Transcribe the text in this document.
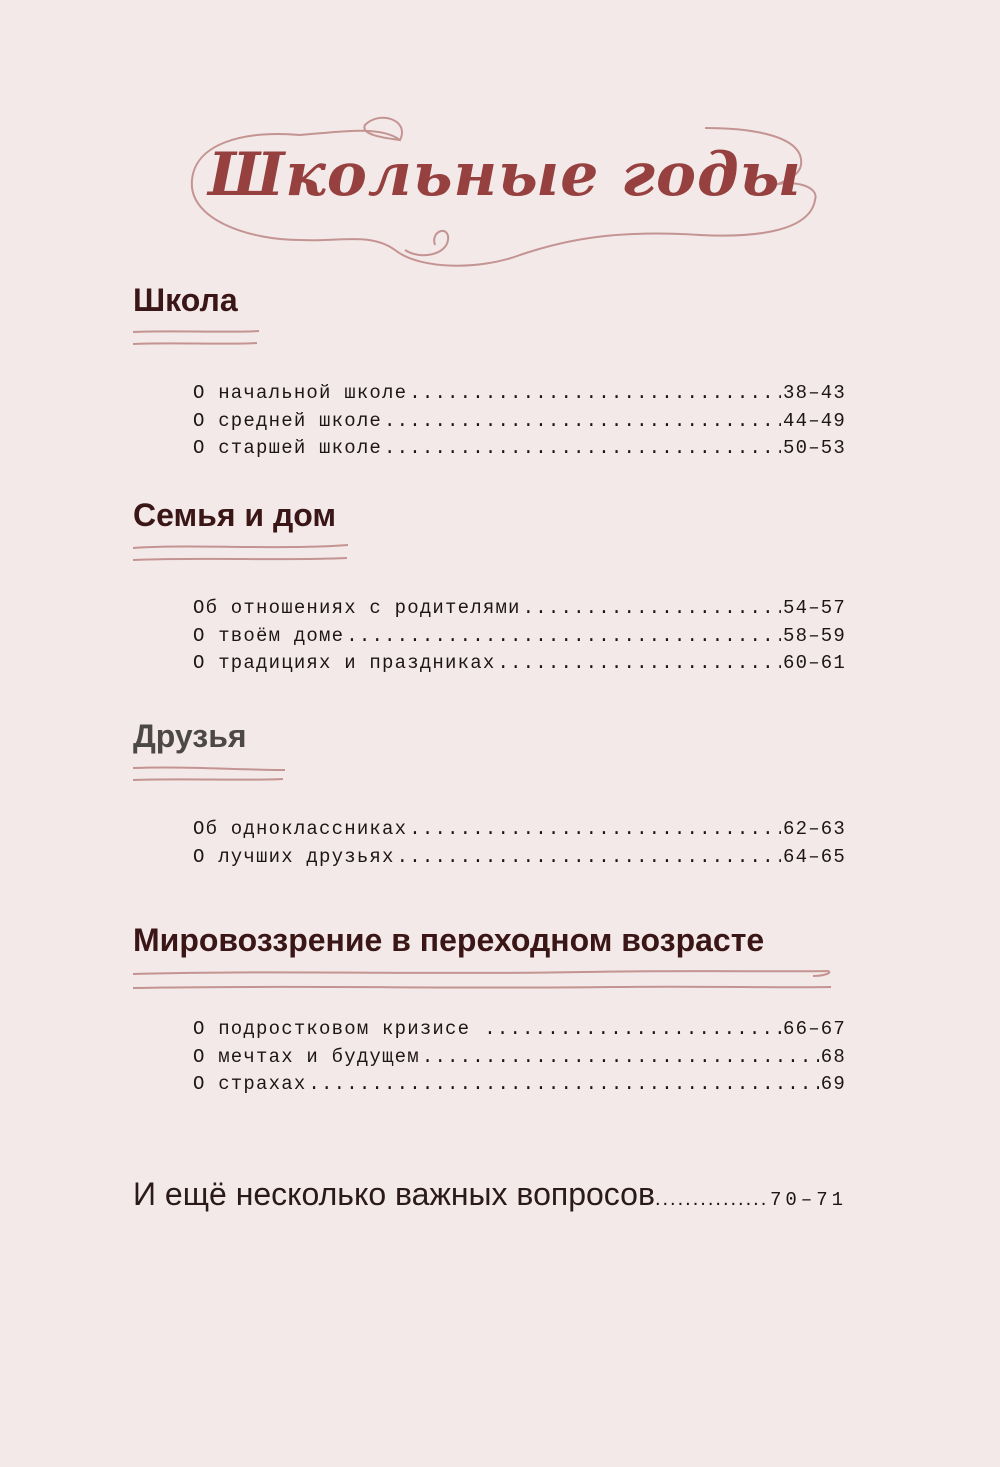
Школьные годы
Школа
О начальной школе .....	38–43
О средней школе .....	44–49
О старшей школе .....	50–53
Семья и дом
Об отношениях с родителями .....	54–57
О твоём доме .....	58–59
О традициях и праздниках .....	60–61
Друзья
Об одноклассниках .....	62–63
О лучших друзьях .....	64–65
Мировоззрение в переходном возрасте
О подростковом кризисе .....	66–67
О мечтах и будущем .....	68
О страхах .....	69
И ещё несколько важных вопросов .....	70–71
